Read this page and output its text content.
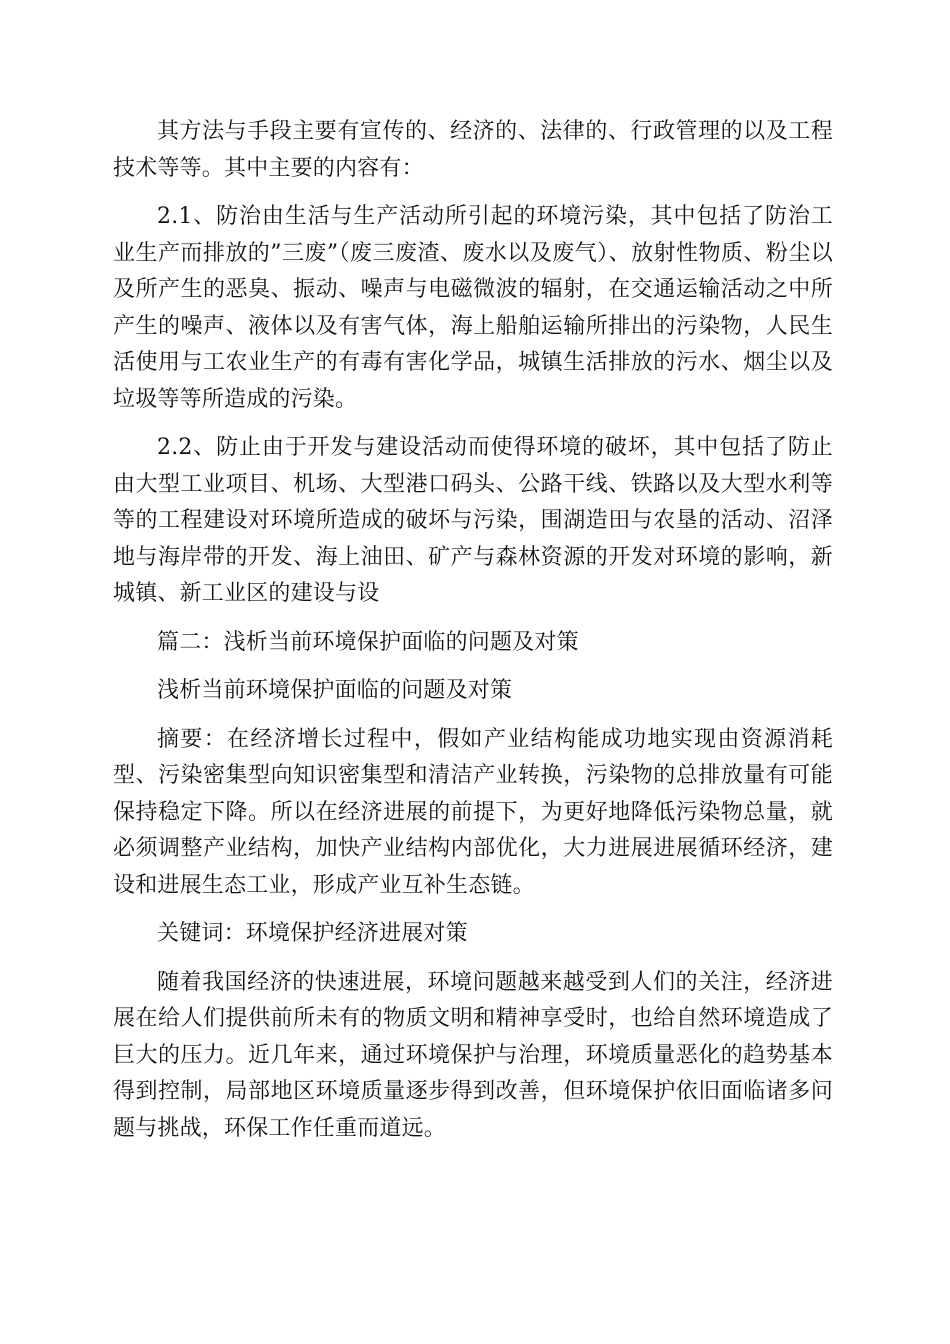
其方法与手段主要有宣传的、经济的、法律的、行政管理的以及工程技术等等。其中主要的内容有：

2.1、防治由生活与生产活动所引起的环境污染，其中包括了防治工业生产而排放的”三废”（废三废渣、废水以及废气）、放射性物质、粉尘以及所产生的恶臭、振动、噪声与电磁微波的辐射，在交通运输活动之中所产生的噪声、液体以及有害气体，海上船舶运输所排出的污染物，人民生活使用与工农业生产的有毒有害化学品，城镇生活排放的污水、烟尘以及垃圾等等所造成的污染。

2.2、防止由于开发与建设活动而使得环境的破坏，其中包括了防止由大型工业项目、机场、大型港口码头、公路干线、铁路以及大型水利等等的工程建设对环境所造成的破坏与污染，围湖造田与农垦的活动、沼泽地与海岸带的开发、海上油田、矿产与森林资源的开发对环境的影响，新城镇、新工业区的建设与设

篇二：浅析当前环境保护面临的问题及对策

浅析当前环境保护面临的问题及对策

摘要：在经济增长过程中，假如产业结构能成功地实现由资源消耗型、污染密集型向知识密集型和清洁产业转换，污染物的总排放量有可能保持稳定下降。所以在经济进展的前提下，为更好地降低污染物总量，就必须调整产业结构，加快产业结构内部优化，大力进展进展循环经济，建设和进展生态工业，形成产业互补生态链。

关键词：环境保护经济进展对策

随着我国经济的快速进展，环境问题越来越受到人们的关注，经济进展在给人们提供前所未有的物质文明和精神享受时，也给自然环境造成了巨大的压力。近几年来，通过环境保护与治理，环境质量恶化的趋势基本得到控制，局部地区环境质量逐步得到改善，但环境保护依旧面临诸多问题与挑战，环保工作任重而道远。
